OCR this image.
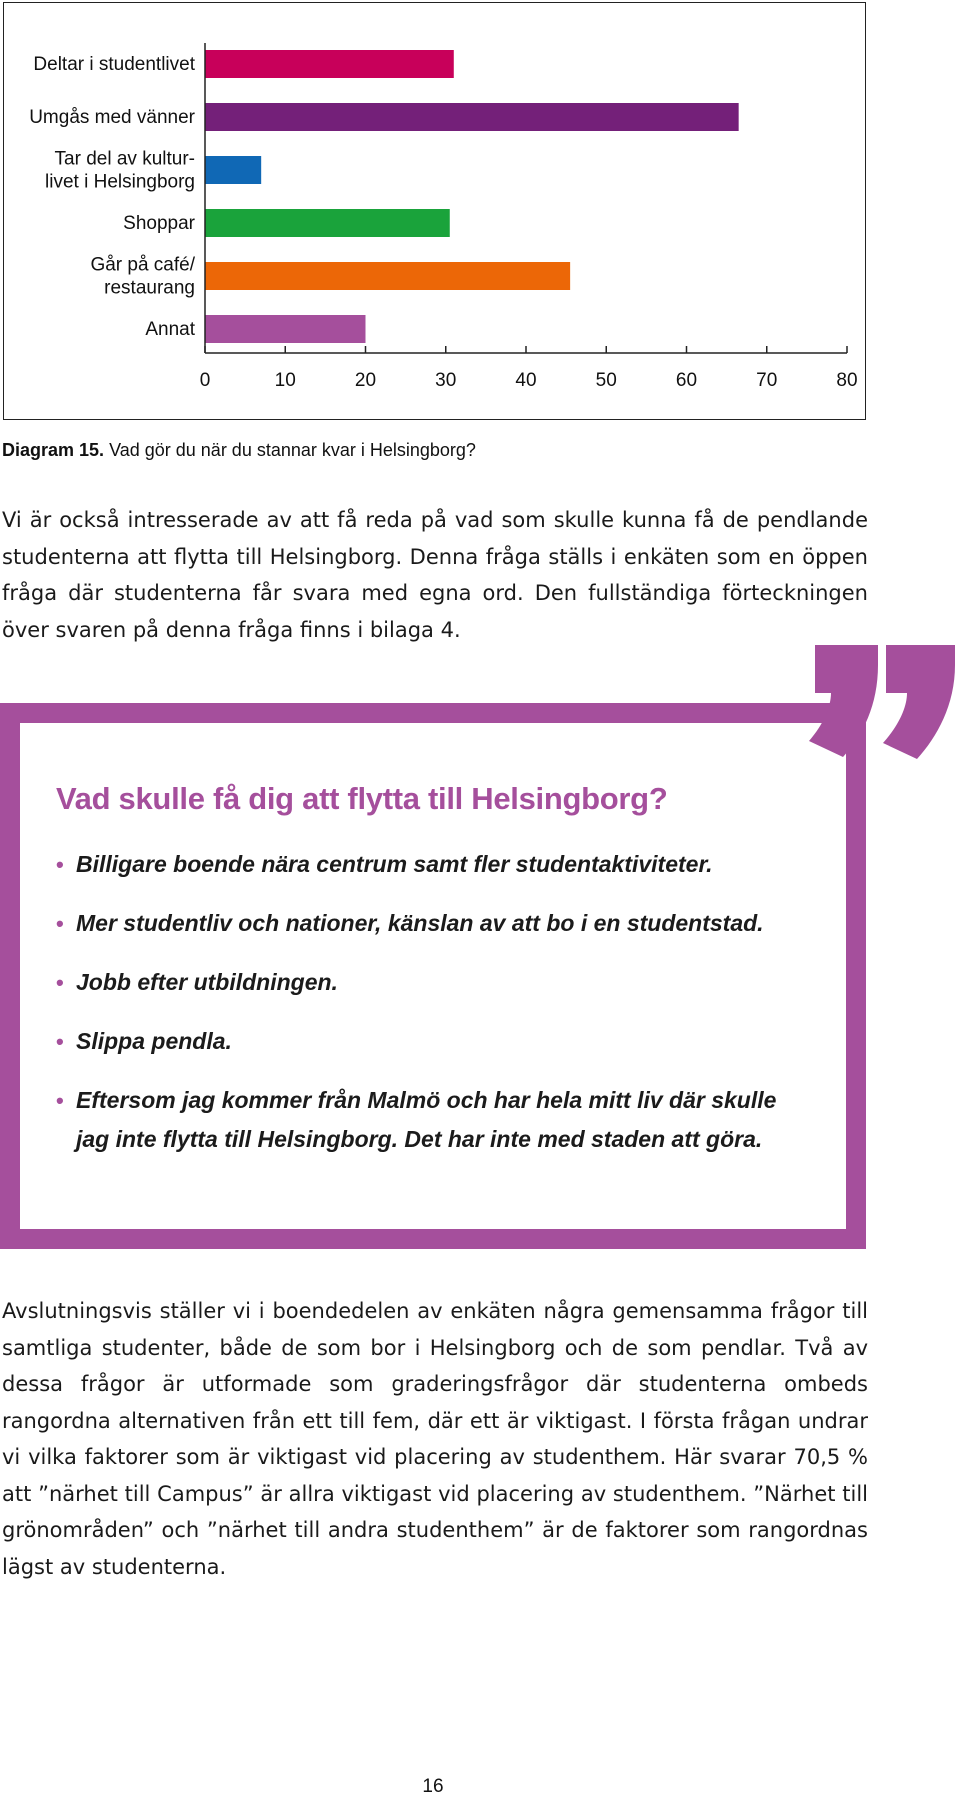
Deltar i studentlivet
Umgås med vänner
Tar del av kultur-
livet i Helsingborg
Shoppar
Går på café/
restaurang
Annat
0	10	20	30	40	50	60	70	80
Diagram 15. Vad gör du när du stannar kvar i Helsingborg?

Vi är också intresserade av att få reda på vad som skulle kunna få de pendlande studenterna att flytta till Helsingborg. Denna fråga ställs i enkäten som en öppen fråga där studenterna får svara med egna ord. Den fullständiga förteckningen över svaren på denna fråga finns i bilaga 4.

Vad skulle få dig att flytta till Helsingborg?
• Billigare boende nära centrum samt fler studentaktiviteter.
• Mer studentliv och nationer, känslan av att bo i en studentstad.
• Jobb efter utbildningen.
• Slippa pendla.
• Eftersom jag kommer från Malmö och har hela mitt liv där skulle jag inte flytta till Helsingborg. Det har inte med staden att göra.

Avslutningsvis ställer vi i boendedelen av enkäten några gemensamma frågor till samtliga studenter, både de som bor i Helsingborg och de som pendlar. Två av dessa frågor är utformade som graderingsfrågor där studenterna ombeds rangordna alternativen från ett till fem, där ett är viktigast. I första frågan undrar vi vilka faktorer som är viktigast vid placering av studenthem. Här svarar 70,5 % att ”närhet till Campus” är allra viktigast vid placering av studenthem. ”Närhet till grönområden” och ”närhet till andra studenthem” är de faktorer som rangordnas lägst av studenterna.

16
